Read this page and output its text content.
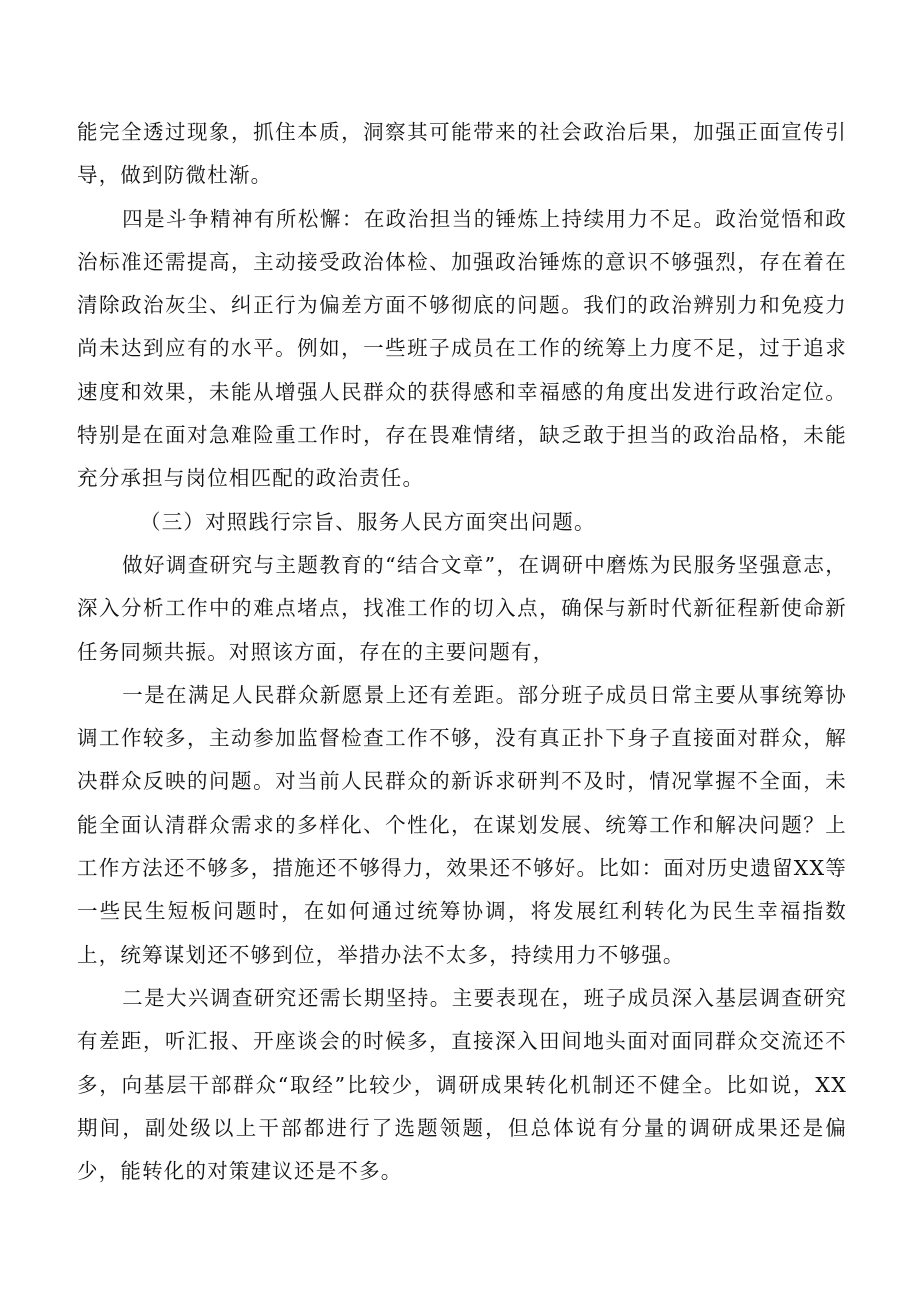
能完全透过现象，抓住本质，洞察其可能带来的社会政治后果，加强正面宣传引导，做到防微杜渐。

四是斗争精神有所松懈：在政治担当的锤炼上持续用力不足。政治觉悟和政治标准还需提高，主动接受政治体检、加强政治锤炼的意识不够强烈，存在着在清除政治灰尘、纠正行为偏差方面不够彻底的问题。我们的政治辨别力和免疫力尚未达到应有的水平。例如，一些班子成员在工作的统筹上力度不足，过于追求速度和效果，未能从增强人民群众的获得感和幸福感的角度出发进行政治定位。特别是在面对急难险重工作时，存在畏难情绪，缺乏敢于担当的政治品格，未能充分承担与岗位相匹配的政治责任。

（三）对照践行宗旨、服务人民方面突出问题。

做好调查研究与主题教育的“结合文章”，在调研中磨炼为民服务坚强意志，深入分析工作中的难点堵点，找准工作的切入点，确保与新时代新征程新使命新任务同频共振。对照该方面，存在的主要问题有，

一是在满足人民群众新愿景上还有差距。部分班子成员日常主要从事统筹协调工作较多，主动参加监督检查工作不够，没有真正扑下身子直接面对群众，解决群众反映的问题。对当前人民群众的新诉求研判不及时，情况掌握不全面，未能全面认清群众需求的多样化、个性化，在谋划发展、统筹工作和解决问题？上工作方法还不够多，措施还不够得力，效果还不够好。比如：面对历史遗留XX等一些民生短板问题时，在如何通过统筹协调，将发展红利转化为民生幸福指数上，统筹谋划还不够到位，举措办法不太多，持续用力不够强。

二是大兴调查研究还需长期坚持。主要表现在，班子成员深入基层调查研究有差距，听汇报、开座谈会的时候多，直接深入田间地头面对面同群众交流还不多，向基层干部群众“取经”比较少，调研成果转化机制还不健全。比如说，XX期间，副处级以上干部都进行了选题领题，但总体说有分量的调研成果还是偏少，能转化的对策建议还是不多。
